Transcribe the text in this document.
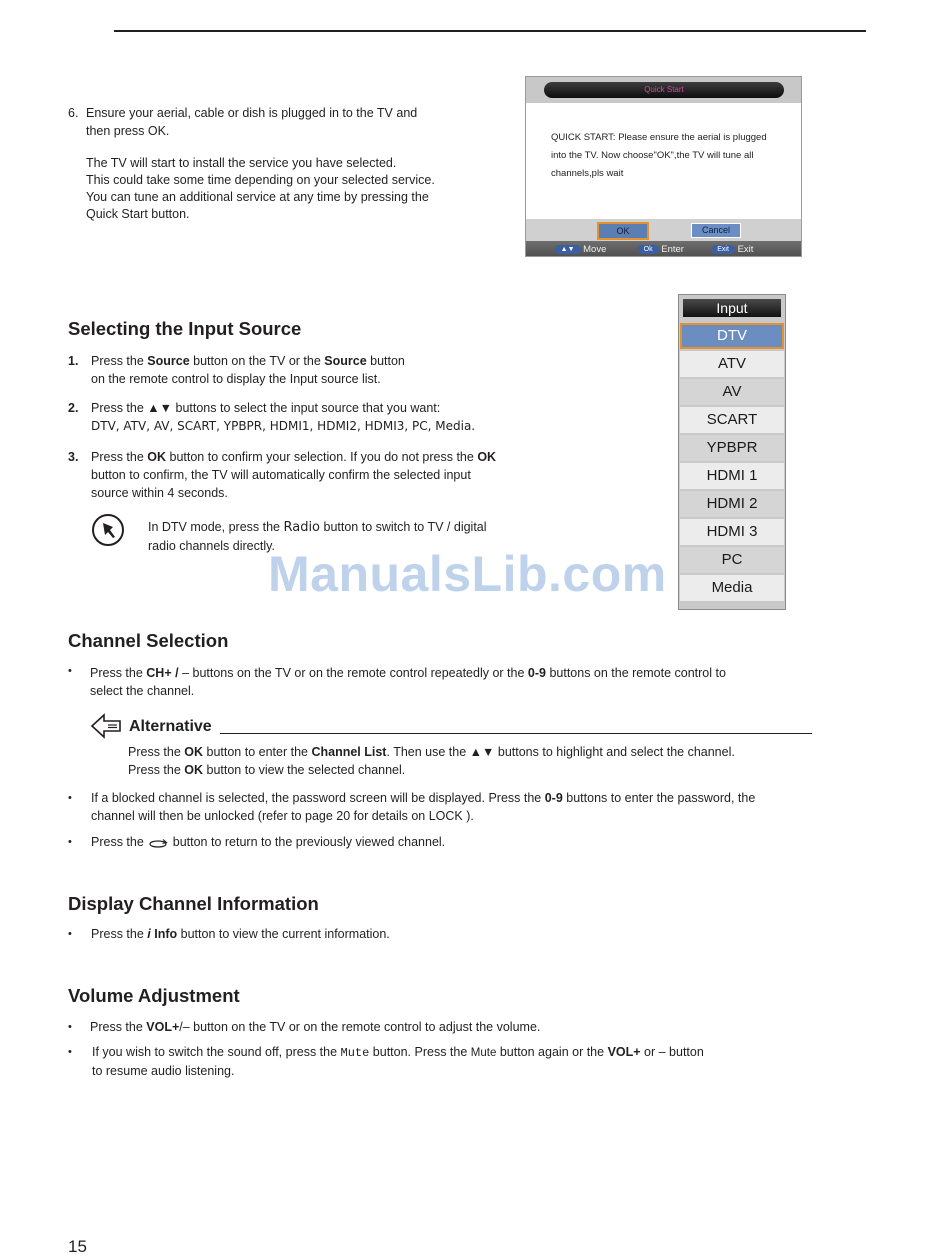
6. Ensure your aerial, cable or dish is plugged in to the TV and
then press OK.
The TV will start to install the service you have selected.
This could take some time depending on your selected service.
You can tune an additional service at any time by pressing the
Quick Start button.
Quick Start
QUICK START: Please ensure the aerial is plugged
into the TV. Now choose"OK",the TV will tune all
channels,pls wait
OK	Cancel
▲▼ Move	Ok Enter	Exit Exit
Selecting the Input Source
1. Press the Source button on the TV or the Source button
on the remote control to display the Input source list.
2. Press the ▲▼ buttons to select the input source that you want:
DTV, ATV, AV, SCART, YPBPR, HDMI1, HDMI2, HDMI3, PC, Media.
3. Press the OK button to confirm your selection. If you do not press the OK
button to confirm, the TV will automatically confirm the selected input
source within 4 seconds.
In DTV mode, press the Radio button to switch to TV / digital
radio channels directly.
Input
DTV
ATV
AV
SCART
YPBPR
HDMI 1
HDMI 2
HDMI 3
PC
Media
ManualsLib.com
Channel Selection
• Press the CH+ / – buttons on the TV or on the remote control repeatedly or the 0-9 buttons on the remote control to
select the channel.
Alternative
Press the OK button to enter the Channel List. Then use the ▲▼ buttons to highlight and select the channel.
Press the OK button to view the selected channel.
• If a blocked channel is selected, the password screen will be displayed. Press the 0-9 buttons to enter the password, the
channel will then be unlocked (refer to page 20 for details on LOCK ).
• Press the  button to return to the previously viewed channel.
Display Channel Information
• Press the i Info button to view the current information.
Volume Adjustment
• Press the VOL+/– button on the TV or on the remote control to adjust the volume.
• If you wish to switch the sound off, press the Mute button. Press the Mute button again or the VOL+ or – button
to resume audio listening.
15
